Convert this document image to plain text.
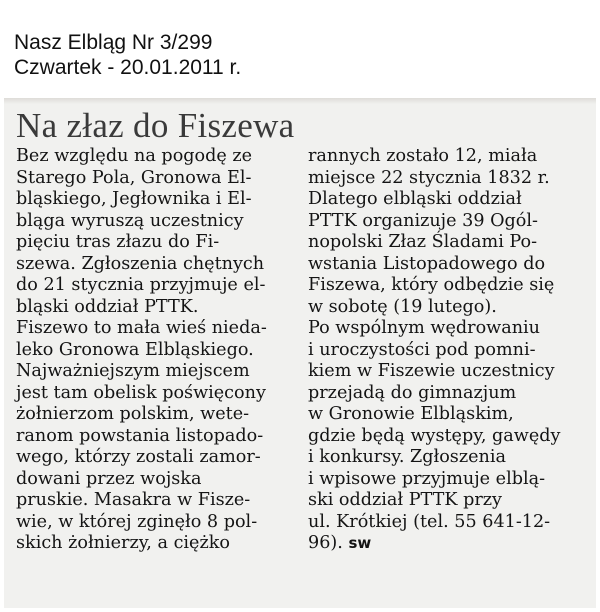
Nasz Elbląg Nr 3/299
Czwartek - 20.01.2011 r.
Na złaz do Fiszewa
Bez względu na pogodę ze
Starego Pola, Gronowa El-
bląskiego, Jegłownika i El-
bląga wyruszą uczestnicy
pięciu tras złazu do Fi-
szewa. Zgłoszenia chętnych
do 21 stycznia przyjmuje el-
bląski oddział PTTK.
Fiszewo to mała wieś nieda-
leko Gronowa Elbląskiego.
Najważniejszym miejscem
jest tam obelisk poświęcony
żołnierzom polskim, wete-
ranom powstania listopado-
wego, którzy zostali zamor-
dowani przez wojska
pruskie. Masakra w Fisze-
wie, w której zginęło 8 pol-
skich żołnierzy, a ciężko
rannych zostało 12, miała
miejsce 22 stycznia 1832 r.
Dlatego elbląski oddział
PTTK organizuje 39 Ogól-
nopolski Złaz Śladami Po-
wstania Listopadowego do
Fiszewa, który odbędzie się
w sobotę (19 lutego).
Po wspólnym wędrowaniu
i uroczystości pod pomni-
kiem w Fiszewie uczestnicy
przejadą do gimnazjum
w Gronowie Elbląskim,
gdzie będą występy, gawędy
i konkursy. Zgłoszenia
i wpisowe przyjmuje elblą-
ski oddział PTTK przy
ul. Krótkiej (tel. 55 641-12-
96). sw
